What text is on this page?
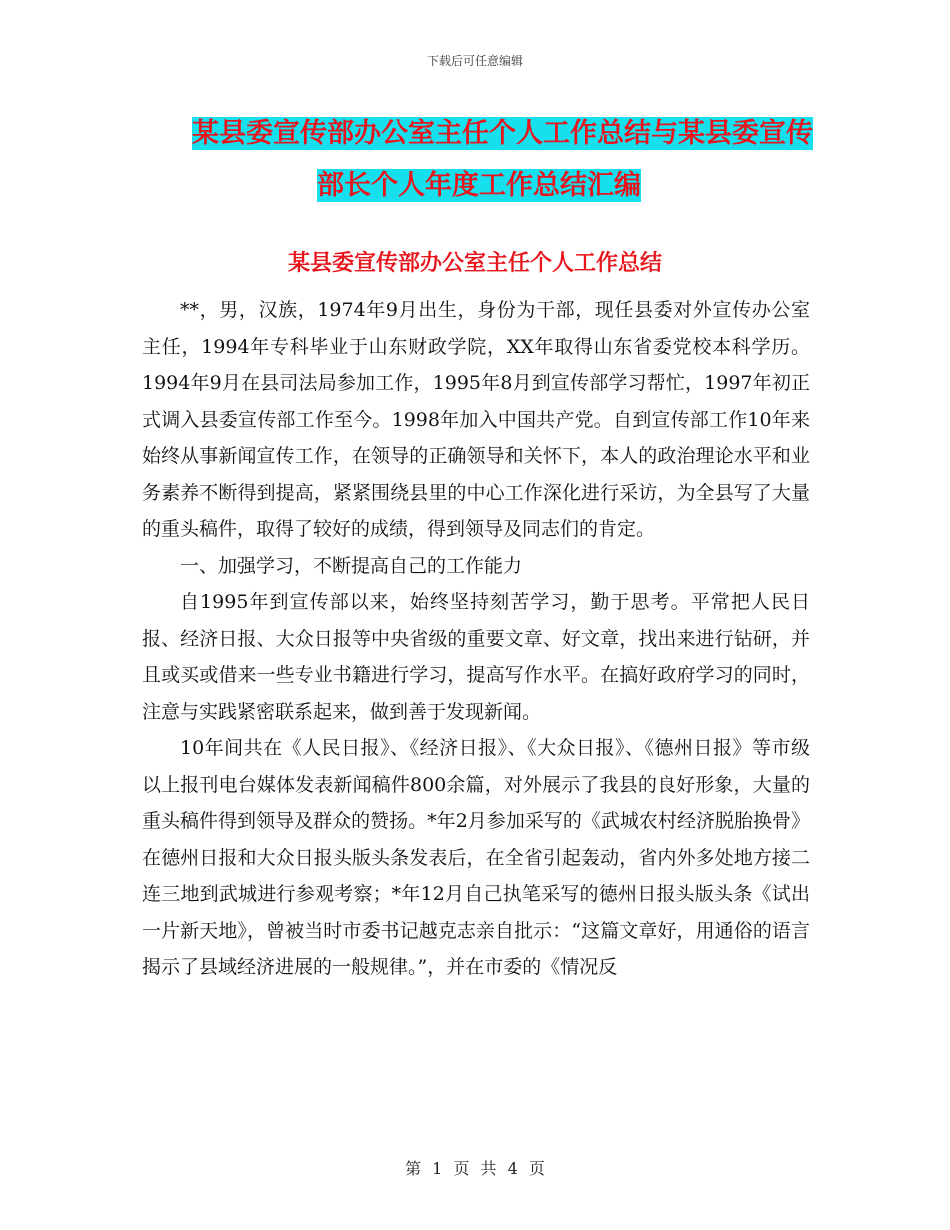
下载后可任意编辑
某县委宣传部办公室主任个人工作总结与某县委宣传
部长个人年度工作总结汇编
某县委宣传部办公室主任个人工作总结

**，男，汉族，1974年9月出生，身份为干部，现任县委对外宣传办公室主任，1994年专科毕业于山东财政学院，XX年取得山东省委党校本科学历。1994年9月在县司法局参加工作，1995年8月到宣传部学习帮忙，1997年初正式调入县委宣传部工作至今。1998年加入中国共产党。自到宣传部工作10年来始终从事新闻宣传工作，在领导的正确领导和关怀下，本人的政治理论水平和业务素养不断得到提高，紧紧围绕县里的中心工作深化进行采访，为全县写了大量的重头稿件，取得了较好的成绩，得到领导及同志们的肯定。

一、加强学习，不断提高自己的工作能力

自1995年到宣传部以来，始终坚持刻苦学习，勤于思考。平常把人民日报、经济日报、大众日报等中央省级的重要文章、好文章，找出来进行钻研，并且或买或借来一些专业书籍进行学习，提高写作水平。在搞好政府学习的同时，注意与实践紧密联系起来，做到善于发现新闻。

10年间共在《人民日报》、《经济日报》、《大众日报》、《德州日报》等市级以上报刊电台媒体发表新闻稿件800余篇，对外展示了我县的良好形象，大量的重头稿件得到领导及群众的赞扬。*年2月参加采写的《武城农村经济脱胎换骨》在德州日报和大众日报头版头条发表后，在全省引起轰动，省内外多处地方接二连三地到武城进行参观考察；*年12月自己执笔采写的德州日报头版头条《试出一片新天地》，曾被当时市委书记越克志亲自批示：“这篇文章好，用通俗的语言揭示了县域经济进展的一般规律。”，并在市委的《情况反

第 1 页 共 4 页
